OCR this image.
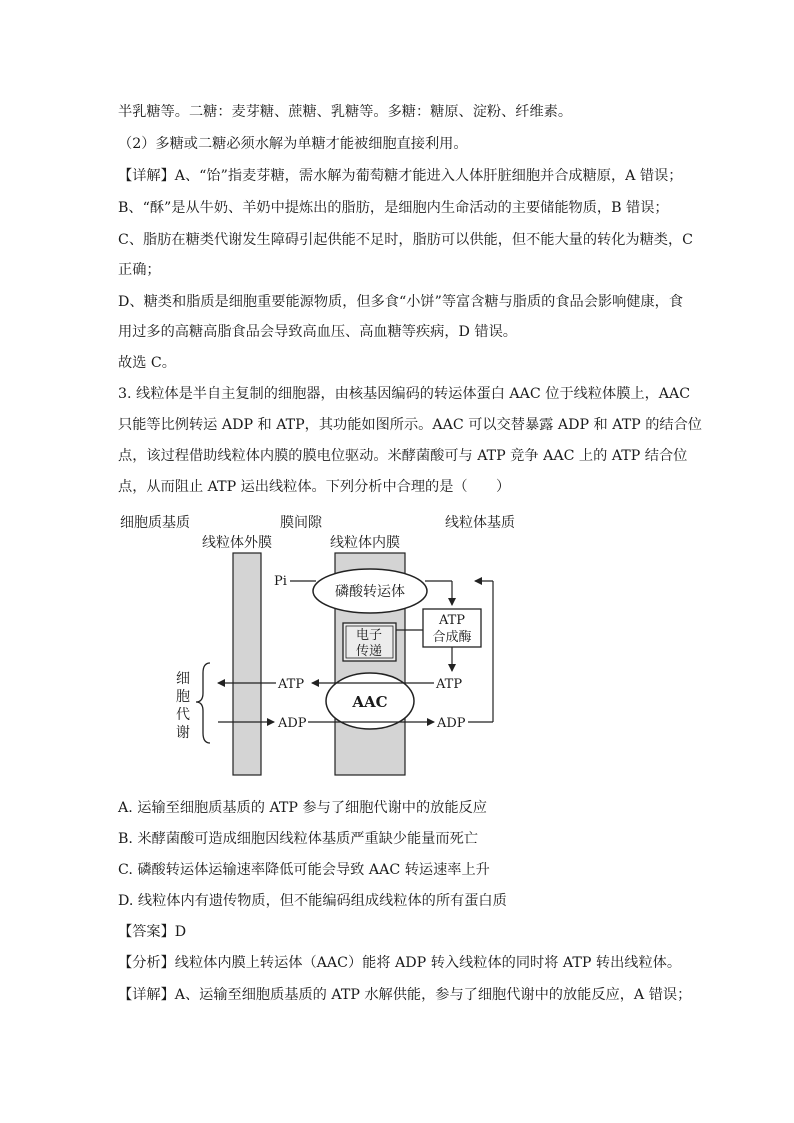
半乳糖等。二糖：麦芽糖、蔗糖、乳糖等。多糖：糖原、淀粉、纤维素。
（2）多糖或二糖必须水解为单糖才能被细胞直接利用。
【详解】A、“饴”指麦芽糖，需水解为葡萄糖才能进入人体肝脏细胞并合成糖原，A 错误；
B、“酥”是从牛奶、羊奶中提炼出的脂肪，是细胞内生命活动的主要储能物质，B 错误；
C、脂肪在糖类代谢发生障碍引起供能不足时，脂肪可以供能，但不能大量的转化为糖类，C
正确；
D、糖类和脂质是细胞重要能源物质，但多食“小饼”等富含糖与脂质的食品会影响健康，食
用过多的高糖高脂食品会导致高血压、高血糖等疾病，D 错误。
故选 C。
3. 线粒体是半自主复制的细胞器，由核基因编码的转运体蛋白 AAC 位于线粒体膜上，AAC
只能等比例转运 ADP 和 ATP，其功能如图所示。AAC 可以交替暴露 ADP 和 ATP 的结合位
点，该过程借助线粒体内膜的膜电位驱动。米酵菌酸可与 ATP 竞争 AAC 上的 ATP 结合位
点，从而阻止 ATP 运出线粒体。下列分析中合理的是（　　）
细胞质基质	膜间隙	线粒体基质
线粒体外膜	线粒体内膜
Pi
磷酸转运体
ATP
合成酶
电子
传递
ATP
AAC
ATP
ADP	ADP
细
胞
代
谢
A. 运输至细胞质基质的 ATP 参与了细胞代谢中的放能反应
B. 米酵菌酸可造成细胞因线粒体基质严重缺少能量而死亡
C. 磷酸转运体运输速率降低可能会导致 AAC 转运速率上升
D. 线粒体内有遗传物质，但不能编码组成线粒体的所有蛋白质
【答案】D
【分析】线粒体内膜上转运体（AAC）能将 ADP 转入线粒体的同时将 ATP 转出线粒体。
【详解】A、运输至细胞质基质的 ATP 水解供能，参与了细胞代谢中的放能反应，A 错误；
